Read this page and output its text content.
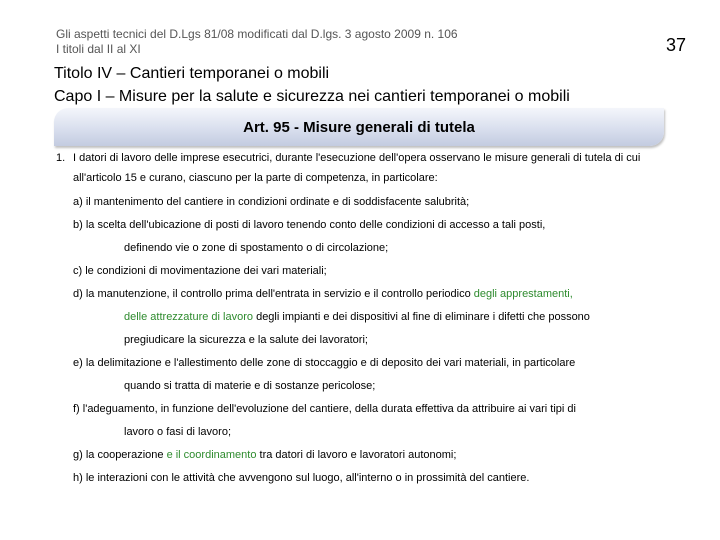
Gli aspetti tecnici del D.Lgs 81/08 modificati dal D.lgs. 3 agosto 2009 n. 106
I titoli dal II al XI	37
Titolo IV – Cantieri temporanei o mobili
Capo I – Misure per la salute e sicurezza nei cantieri temporanei o mobili
Art. 95 - Misure generali di tutela

1. I datori di lavoro delle imprese esecutrici, durante l'esecuzione dell'opera osservano le misure generali di tutela di cui all'articolo 15 e curano, ciascuno per la parte di competenza, in particolare:

a) il mantenimento del cantiere in condizioni ordinate e di soddisfacente salubrità;

b) la scelta dell'ubicazione di posti di lavoro tenendo conto delle condizioni di accesso a tali posti,

definendo vie o zone di spostamento o di circolazione;

c) le condizioni di movimentazione dei vari materiali;

d) la manutenzione, il controllo prima dell'entrata in servizio e il controllo periodico degli apprestamenti,

delle attrezzature di lavoro degli impianti e dei dispositivi al fine di eliminare i difetti che possono

pregiudicare la sicurezza e la salute dei lavoratori;

e) la delimitazione e l'allestimento delle zone di stoccaggio e di deposito dei vari materiali, in particolare

quando si tratta di materie e di sostanze pericolose;

f) l'adeguamento, in funzione dell'evoluzione del cantiere, della durata effettiva da attribuire ai vari tipi di

lavoro o fasi di lavoro;

g) la cooperazione e il coordinamento tra datori di lavoro e lavoratori autonomi;

h) le interazioni con le attività che avvengono sul luogo, all'interno o in prossimità del cantiere.
